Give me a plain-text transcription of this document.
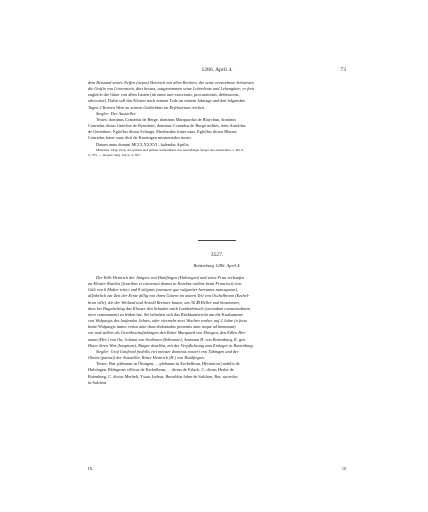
1286. April 4.	73

dem Beistand seines Neffen (nepos) Heinrich mit allen Rechten, die seine verstorbene Schwester,

die Gräfin von Löwenstein, dort besass, ausgenommen seine Lehenleute und Lehengüter; er freit

zugleich die Güter von allen Lasten (ab omni iure exactionis, procurationis, defensionis,

advocatie). Dafür soll das Kloster nach seinem Tode an seinem Jahrtage und den folgenden

Tagen 2 Karren Wein zu seinem Gedächtnis im Refektorium reichen.

Siegler: Der Aussteller.

Testes: dominus Conradus de Berge, dominus Marquardus de Blaychun, dominus

Conradus dictus Gnöchse de Rymsbart, dominus Cvnradus de Burgö milites, item Arnoldus

de Gerenberc, Egloffus dictus Schrage, Eberhardus frater suus, Egloffus dictus Blarrar,

Conradus frater suus dicti de Knoringen ministeriales nostri.

Datum anno domini MCCLXXXVI., kalendas Aprilis.

München. Orig. Perg. An grünen und gelben Seidenfäden das beschädigte Siegel des Ausstellers, s. Bd. 6

S. 375. — Regest: Reg. boica, 4, 305.

3527.
Rottenburg 1286. April 4.

Der Edle Heinrich der Jüngere von Haülfingen (Halvingen) und seine Frau verkaufen

an Kloster Kniebis (fratribus et conventui domus in Kniebus ordinis beati Francisci) eine

Gült von 6 Malter tritici und 8 siliginis (mensure que vulgariter herrames nuncupatur),

alljährlich zur Zeit der Ernte fällig von ihren Gütern im untern Teil von Oschelbronn (Ezchel-

brun ville), die der Weiland und Arnold Brenner bauen, um 36 ℔ Heller und bestimmen,

dass bei Hagelschlag das Kloster den Schaden nach Landesbrauch (secundum consuetudinem

terre communem) zu leiden hat. Sie behalten sich das Rückkaufsrecht um die Kaufsumme

von Walpurgis des laufenden Jahres, oder viermehr zwei Wochen vorher, auf 2 Jahre (a festo

beate Walpurgis immo verius ante duas ebdomadas presentis anni usque ad biennium)

vor und stellen als Gewährschaftsbürgen den Ritter Marquard von Ehingen, den Edlen Her-

mann (Her.) von Oa, Johann von Seebronn (Sebrunne), Ammann H. von Rottenburg, K. gen.

Huter ihren Wirt (hospitem), Bürger daselbst, mit der Verpflichtung zum Einlager in Rottenburg.

Siegler: Graf Gottfried (nobilis vir) meister dominus noster) von Tübingen und der

Oheim (patruti) der Aussteller, Ritter Heinrich (H.) von Haülfingen.

Testes: Bur. plebanus in Öttingen, . . plebanus in Ezchelbrun, H[einricus] nobilis de

Halvingen, Rfdegerus villicus de Ezchelbrun, . . dictus de Erlach, C. dictus Herler de

Rotenburg, C. dictus Merhelt, Ysaac Judeus, Bertoldus faber de Sulchen, Bur. sacerdos

in Sulchen.

IX.	10
